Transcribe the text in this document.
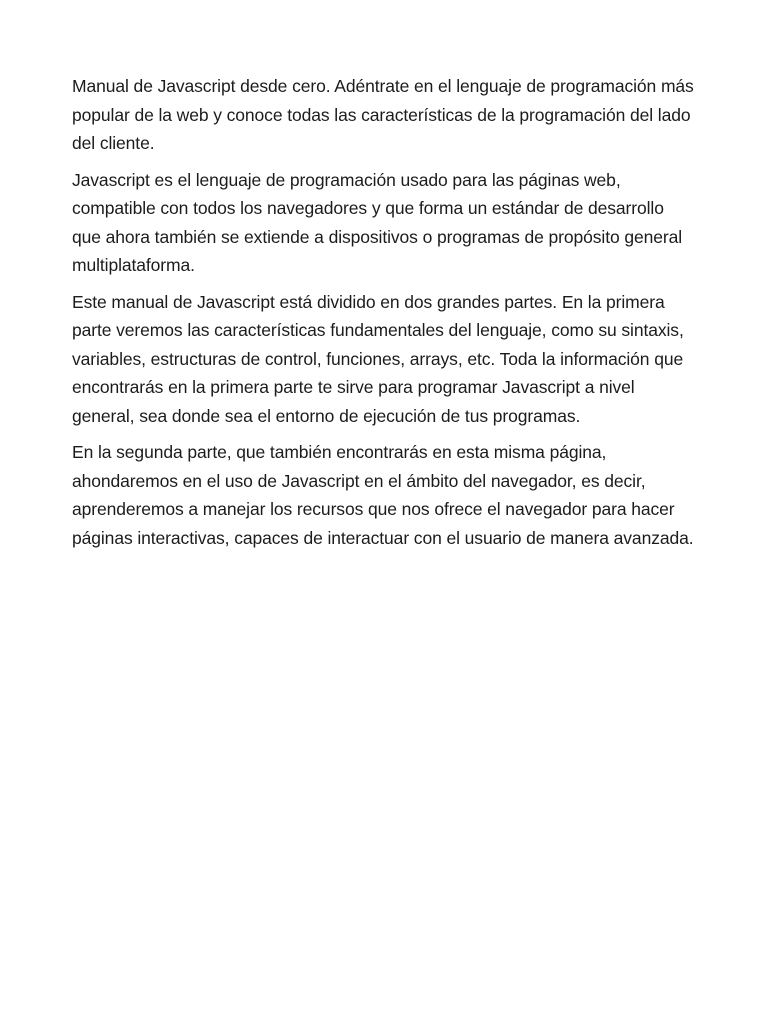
Manual de Javascript desde cero. Adéntrate en el lenguaje de programación más popular de la web y conoce todas las características de la programación del lado del cliente.

Javascript es el lenguaje de programación usado para las páginas web, compatible con todos los navegadores y que forma un estándar de desarrollo que ahora también se extiende a dispositivos o programas de propósito general multiplataforma.

Este manual de Javascript está dividido en dos grandes partes. En la primera parte veremos las características fundamentales del lenguaje, como su sintaxis, variables, estructuras de control, funciones, arrays, etc. Toda la información que encontrarás en la primera parte te sirve para programar Javascript a nivel general, sea donde sea el entorno de ejecución de tus programas.

En la segunda parte, que también encontrarás en esta misma página, ahondaremos en el uso de Javascript en el ámbito del navegador, es decir, aprenderemos a manejar los recursos que nos ofrece el navegador para hacer páginas interactivas, capaces de interactuar con el usuario de manera avanzada.
